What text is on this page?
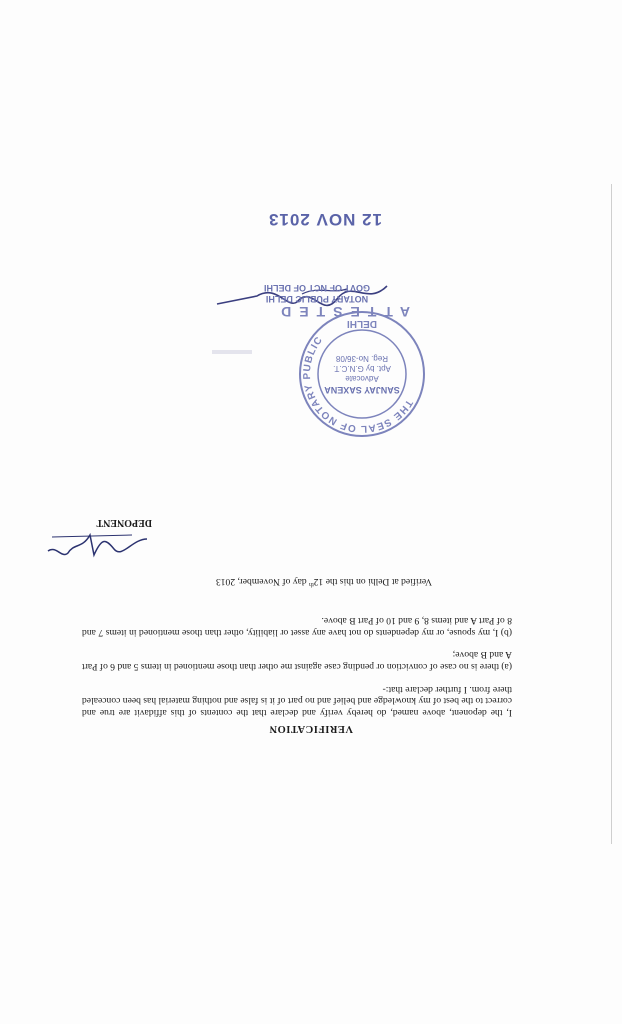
12 NOV 2013
ATTESTED
NOTARY PUBLIC DELHI
GOVT OF NCT OF DELHI
THE SEAL OF NOTARY PUBLIC
SANJAY SAXENA
Advocate
Apt. by G.N.C.T.
Reg. No-36/08
DELHI
VERIFICATION
I, the deponent, above named, do hereby verify and declare that the contents of this affidavit are true and correct to the best of my knowledge and belief and no part of it is false and nothing material has been concealed there from. I further declare that:-
(a) there is no case of conviction or pending case against me other than those mentioned in items 5 and 6 of Part A and B above;
(b) I, my spouse, or my dependents do not have any asset or liability, other than those mentioned in items 7 and 8 of Part A and items 8, 9 and 10 of Part B above.
Verified at Delhi on this the 12th day of November, 2013
DEPONENT
